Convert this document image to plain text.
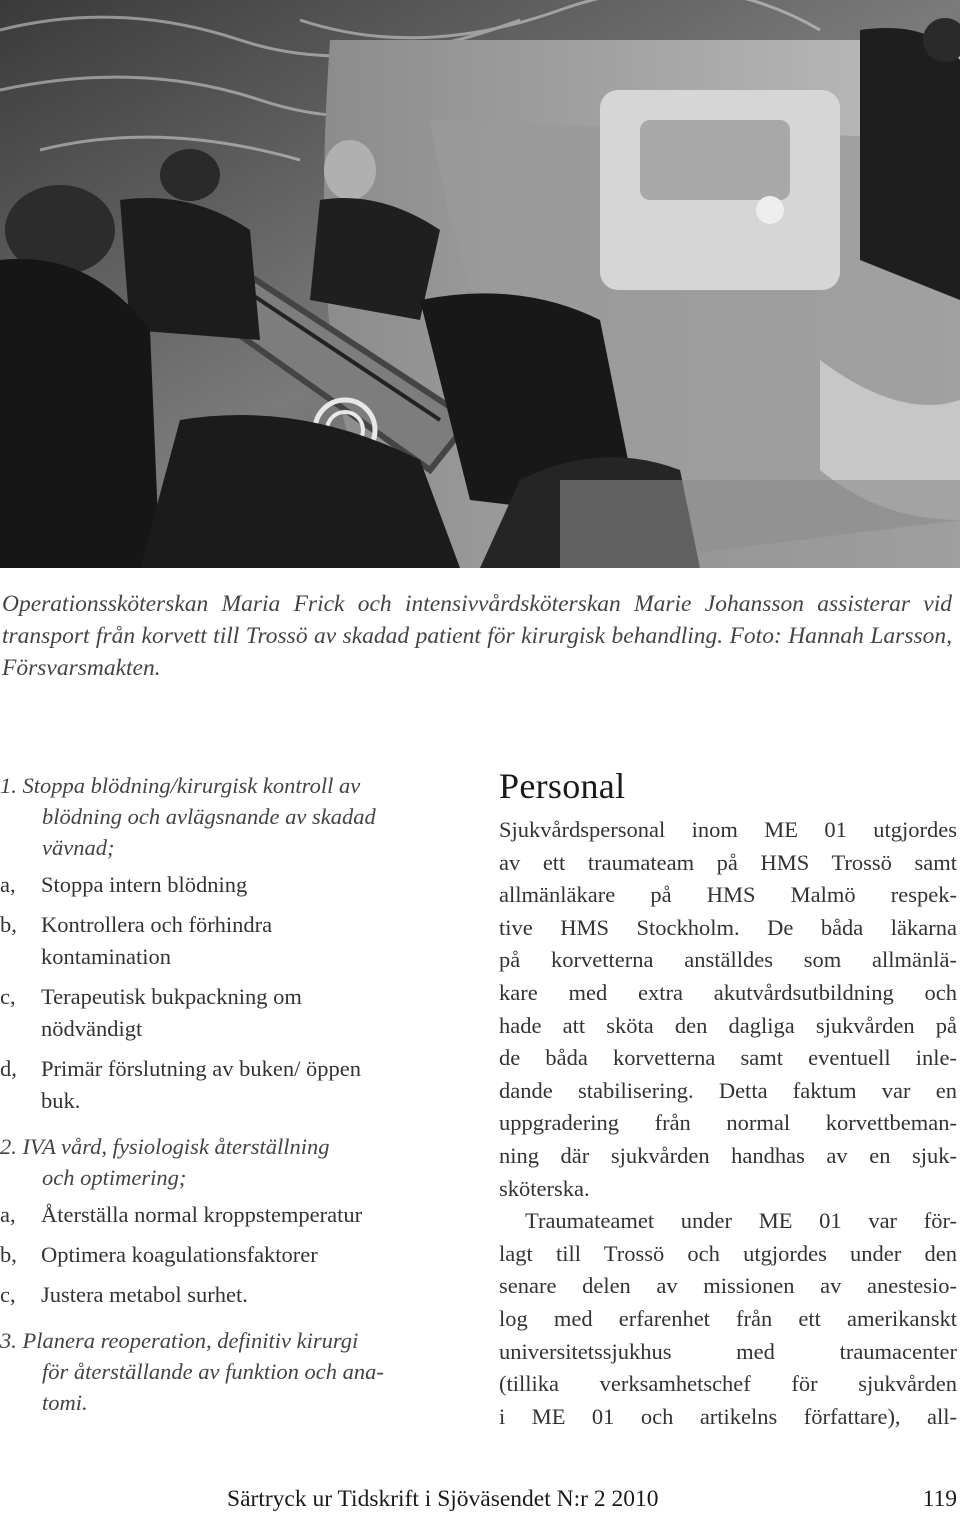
Operationssköterskan Maria Frick och intensivvårdsköterskan Marie Johansson assisterar vid transport från korvett till Trossö av skadad patient för kirurgisk behandling. Foto: Hannah Larsson, Försvarsmakten.
1. Stoppa blödning/kirurgisk kontroll av
blödning och avlägsnande av skadad
vävnad;
a,	Stoppa intern blödning
b,	Kontrollera och förhindra kontamination
c,	Terapeutisk bukpackning om nödvändigt
d,	Primär förslutning av buken/ öppen buk.
2. IVA vård, fysiologisk återställning
och optimering;
a,	Återställa normal kroppstemperatur
b,	Optimera koagulationsfaktorer
c,	Justera metabol surhet.
3. Planera reoperation, definitiv kirurgi
för återställande av funktion och ana-
tomi.
Personal
Sjukvårdspersonal inom ME 01 utgjordes
av ett traumateam på HMS Trossö samt
allmänläkare på HMS Malmö respek-
tive HMS Stockholm. De båda läkarna
på korvetterna anställdes som allmänlä-
kare med extra akutvårdsutbildning och
hade att sköta den dagliga sjukvården på
de båda korvetterna samt eventuell inle-
dande stabilisering. Detta faktum var en
uppgradering från normal korvettbeman-
ning där sjukvården handhas av en sjuk-
sköterska.
Traumateamet under ME 01 var för-
lagt till Trossö och utgjordes under den
senare delen av missionen av anestesio-
log med erfarenhet från ett amerikanskt
universitetssjukhus med traumacenter
(tillika verksamhetschef för sjukvården
i ME 01 och artikelns författare), all-
Särtryck ur Tidskrift i Sjöväsendet N:r 2 2010	119
